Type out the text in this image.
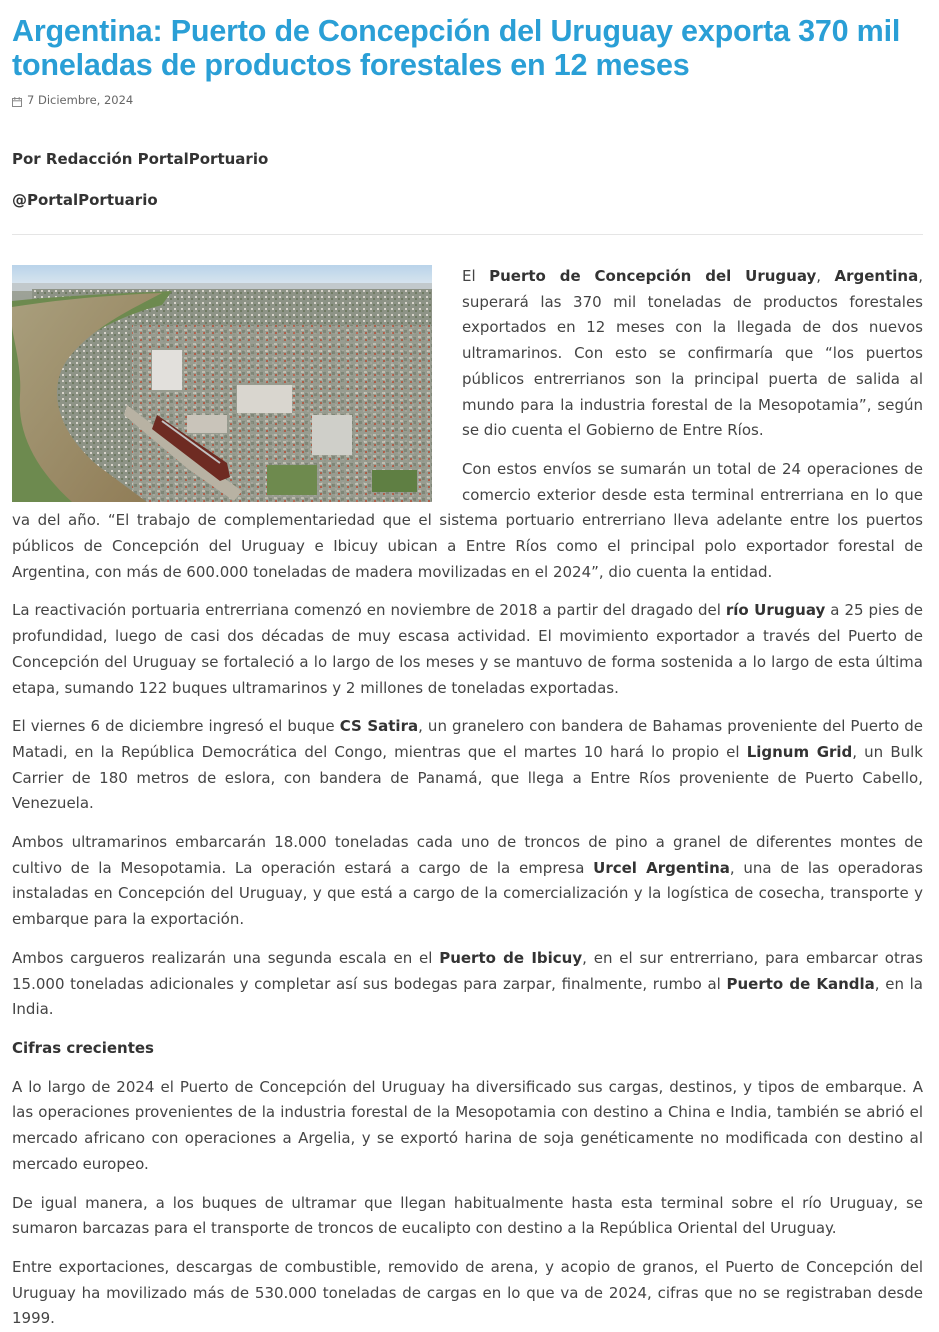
Argentina: Puerto de Concepción del Uruguay exporta 370 mil toneladas de productos forestales en 12 meses
7 Diciembre, 2024
Por Redacción PortalPortuario
@PortalPortuario

El Puerto de Concepción del Uruguay, Argentina, superará las 370 mil toneladas de productos forestales exportados en 12 meses con la llegada de dos nuevos ultramarinos. Con esto se confirmaría que “los puertos públicos entrerrianos son la principal puerta de salida al mundo para la industria forestal de la Mesopotamia”, según se dio cuenta el Gobierno de Entre Ríos.

Con estos envíos se sumarán un total de 24 operaciones de comercio exterior desde esta terminal entrerriana en lo que va del año. “El trabajo de complementariedad que el sistema portuario entrerriano lleva adelante entre los puertos públicos de Concepción del Uruguay e Ibicuy ubican a Entre Ríos como el principal polo exportador forestal de Argentina, con más de 600.000 toneladas de madera movilizadas en el 2024”, dio cuenta la entidad.

La reactivación portuaria entrerriana comenzó en noviembre de 2018 a partir del dragado del río Uruguay a 25 pies de profundidad, luego de casi dos décadas de muy escasa actividad. El movimiento exportador a través del Puerto de Concepción del Uruguay se fortaleció a lo largo de los meses y se mantuvo de forma sostenida a lo largo de esta última etapa, sumando 122 buques ultramarinos y 2 millones de toneladas exportadas.

El viernes 6 de diciembre ingresó el buque CS Satira, un granelero con bandera de Bahamas proveniente del Puerto de Matadi, en la República Democrática del Congo, mientras que el martes 10 hará lo propio el Lignum Grid, un Bulk Carrier de 180 metros de eslora, con bandera de Panamá, que llega a Entre Ríos proveniente de Puerto Cabello, Venezuela.

Ambos ultramarinos embarcarán 18.000 toneladas cada uno de troncos de pino a granel de diferentes montes de cultivo de la Mesopotamia. La operación estará a cargo de la empresa Urcel Argentina, una de las operadoras instaladas en Concepción del Uruguay, y que está a cargo de la comercialización y la logística de cosecha, transporte y embarque para la exportación.

Ambos cargueros realizarán una segunda escala en el Puerto de Ibicuy, en el sur entrerriano, para embarcar otras 15.000 toneladas adicionales y completar así sus bodegas para zarpar, finalmente, rumbo al Puerto de Kandla, en la India.

Cifras crecientes

A lo largo de 2024 el Puerto de Concepción del Uruguay ha diversificado sus cargas, destinos, y tipos de embarque. A las operaciones provenientes de la industria forestal de la Mesopotamia con destino a China e India, también se abrió el mercado africano con operaciones a Argelia, y se exportó harina de soja genéticamente no modificada con destino al mercado europeo.

De igual manera, a los buques de ultramar que llegan habitualmente hasta esta terminal sobre el río Uruguay, se sumaron barcazas para el transporte de troncos de eucalipto con destino a la República Oriental del Uruguay.

Entre exportaciones, descargas de combustible, removido de arena, y acopio de granos, el Puerto de Concepción del Uruguay ha movilizado más de 530.000 toneladas de cargas en lo que va de 2024, cifras que no se registraban desde 1999.
